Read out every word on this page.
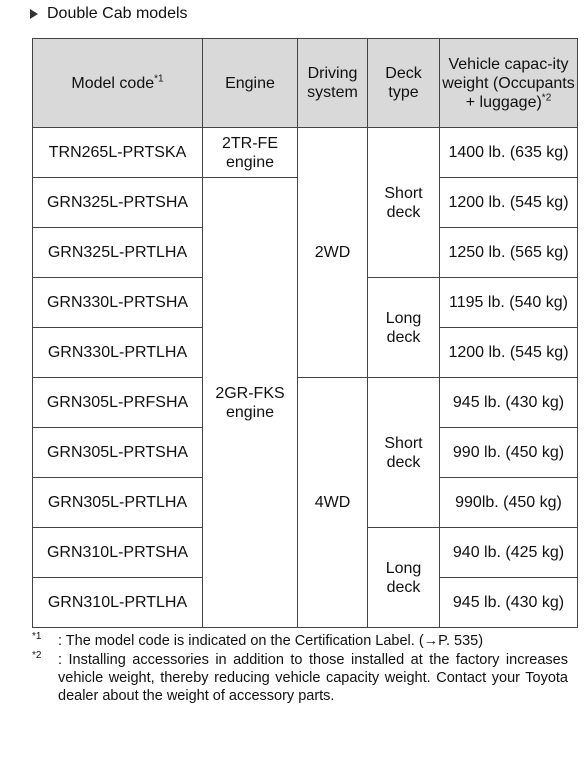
Double Cab models
Model code$^{*1}$	Engine	Driving system	Deck type	Vehicle capac-ity weight (Occupants + luggage)$^{*2}$
TRN265L-PRTSKA	2TR-FE engine	2WD	Short deck	1400 lb. (635 kg)
GRN325L-PRTSHA	2GR-FKS engine			1200 lb. (545 kg)
GRN325L-PRTLHA				1250 lb. (565 kg)
GRN330L-PRTSHA			Long deck	1195 lb. (540 kg)
GRN330L-PRTLHA				1200 lb. (545 kg)
GRN305L-PRFSHA		4WD	Short deck	945 lb. (430 kg)
GRN305L-PRTSHA				990 lb. (450 kg)
GRN305L-PRTLHA				990lb. (450 kg)
GRN310L-PRTSHA			Long deck	940 lb. (425 kg)
GRN310L-PRTLHA				945 lb. (430 kg)
$^{*1}$	: The model code is indicated on the Certification Label. (→P. 535)
$^{*2}$	: Installing accessories in addition to those installed at the factory increases vehicle weight, thereby reducing vehicle capacity weight. Contact your Toyota dealer about the weight of accessory parts.
